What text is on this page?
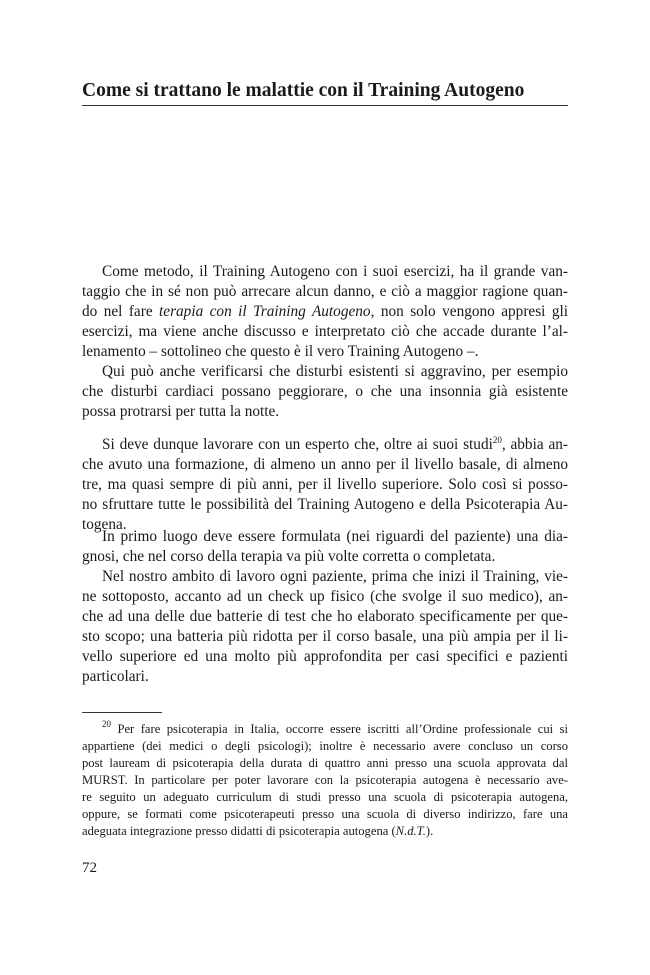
Come si trattano le malattie con il Training Autogeno
Come metodo, il Training Autogeno con i suoi esercizi, ha il grande van-
taggio che in sé non può arrecare alcun danno, e ciò a maggior ragione quan-
do nel fare terapia con il Training Autogeno, non solo vengono appresi gli
esercizi, ma viene anche discusso e interpretato ciò che accade durante l’al-
lenamento – sottolineo che questo è il vero Training Autogeno –.
Qui può anche verificarsi che disturbi esistenti si aggravino, per esempio
che disturbi cardiaci possano peggiorare, o che una insonnia già esistente
possa protrarsi per tutta la notte.
Si deve dunque lavorare con un esperto che, oltre ai suoi studi$^{20}$, abbia an-
che avuto una formazione, di almeno un anno per il livello basale, di almeno
tre, ma quasi sempre di più anni, per il livello superiore. Solo così si posso-
no sfruttare tutte le possibilità del Training Autogeno e della Psicoterapia Au-
togena.
In primo luogo deve essere formulata (nei riguardi del paziente) una dia-
gnosi, che nel corso della terapia va più volte corretta o completata.
Nel nostro ambito di lavoro ogni paziente, prima che inizi il Training, vie-
ne sottoposto, accanto ad un check up fisico (che svolge il suo medico), an-
che ad una delle due batterie di test che ho elaborato specificamente per que-
sto scopo; una batteria più ridotta per il corso basale, una più ampia per il li-
vello superiore ed una molto più approfondita per casi specifici e pazienti
particolari.
$^{20}$ Per fare psicoterapia in Italia, occorre essere iscritti all’Ordine professionale cui si
appartiene (dei medici o degli psicologi); inoltre è necessario avere concluso un corso
post lauream di psicoterapia della durata di quattro anni presso una scuola approvata dal
MURST. In particolare per poter lavorare con la psicoterapia autogena è necessario ave-
re seguito un adeguato curriculum di studi presso una scuola di psicoterapia autogena,
oppure, se formati come psicoterapeuti presso una scuola di diverso indirizzo, fare una
adeguata integrazione presso didatti di psicoterapia autogena (N.d.T.).
72
